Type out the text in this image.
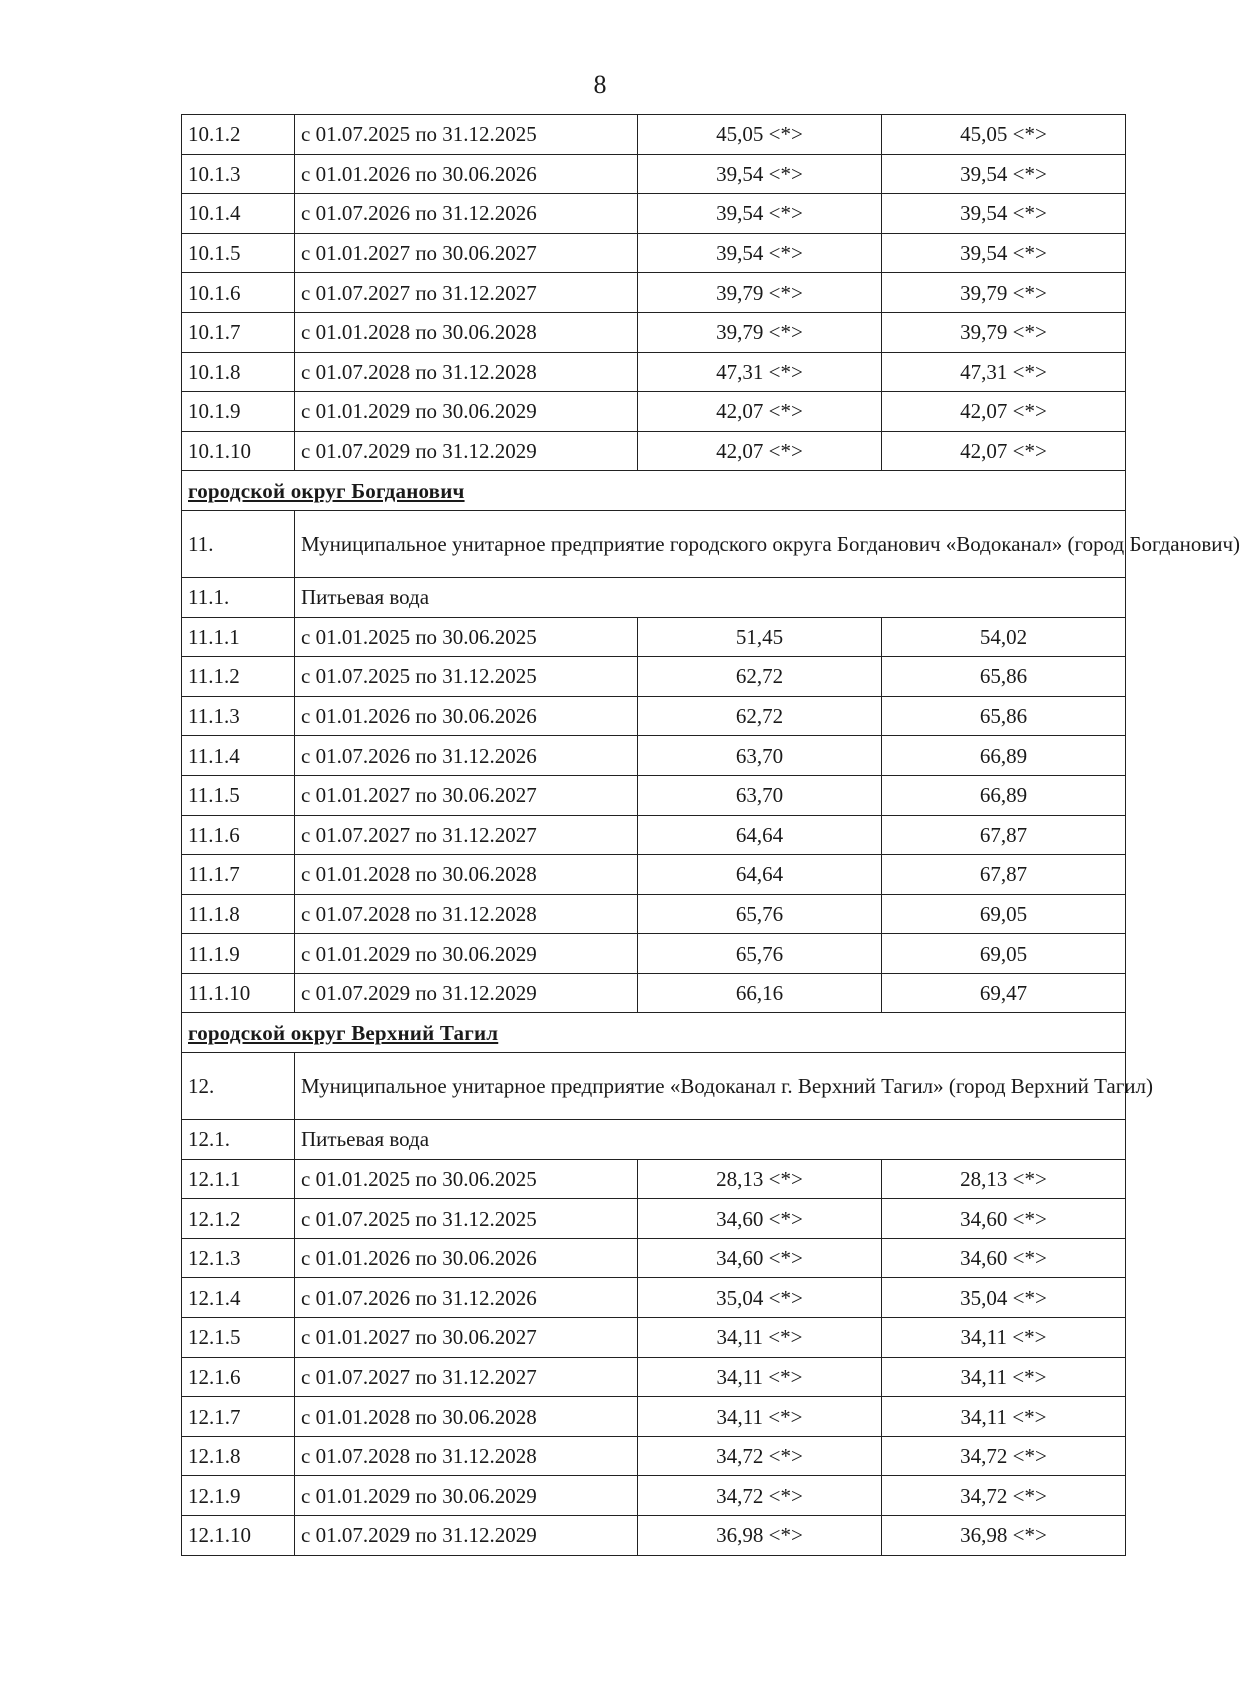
8
10.1.2	с 01.07.2025 по 31.12.2025	45,05 <*>	45,05 <*>
10.1.3	с 01.01.2026 по 30.06.2026	39,54 <*>	39,54 <*>
10.1.4	с 01.07.2026 по 31.12.2026	39,54 <*>	39,54 <*>
10.1.5	с 01.01.2027 по 30.06.2027	39,54 <*>	39,54 <*>
10.1.6	с 01.07.2027 по 31.12.2027	39,79 <*>	39,79 <*>
10.1.7	с 01.01.2028 по 30.06.2028	39,79 <*>	39,79 <*>
10.1.8	с 01.07.2028 по 31.12.2028	47,31 <*>	47,31 <*>
10.1.9	с 01.01.2029 по 30.06.2029	42,07 <*>	42,07 <*>
10.1.10	с 01.07.2029 по 31.12.2029	42,07 <*>	42,07 <*>
городской округ Богданович			
11.	Муниципальное унитарное предприятие городского округа Богданович «Водоканал» (город Богданович)		
11.1.	Питьевая вода		
11.1.1	с 01.01.2025 по 30.06.2025	51,45	54,02
11.1.2	с 01.07.2025 по 31.12.2025	62,72	65,86
11.1.3	с 01.01.2026 по 30.06.2026	62,72	65,86
11.1.4	с 01.07.2026 по 31.12.2026	63,70	66,89
11.1.5	с 01.01.2027 по 30.06.2027	63,70	66,89
11.1.6	с 01.07.2027 по 31.12.2027	64,64	67,87
11.1.7	с 01.01.2028 по 30.06.2028	64,64	67,87
11.1.8	с 01.07.2028 по 31.12.2028	65,76	69,05
11.1.9	с 01.01.2029 по 30.06.2029	65,76	69,05
11.1.10	с 01.07.2029 по 31.12.2029	66,16	69,47
городской округ Верхний Тагил			
12.	Муниципальное унитарное предприятие «Водоканал г. Верхний Тагил» (город Верхний Тагил)		
12.1.	Питьевая вода		
12.1.1	с 01.01.2025 по 30.06.2025	28,13 <*>	28,13 <*>
12.1.2	с 01.07.2025 по 31.12.2025	34,60 <*>	34,60 <*>
12.1.3	с 01.01.2026 по 30.06.2026	34,60 <*>	34,60 <*>
12.1.4	с 01.07.2026 по 31.12.2026	35,04 <*>	35,04 <*>
12.1.5	с 01.01.2027 по 30.06.2027	34,11 <*>	34,11 <*>
12.1.6	с 01.07.2027 по 31.12.2027	34,11 <*>	34,11 <*>
12.1.7	с 01.01.2028 по 30.06.2028	34,11 <*>	34,11 <*>
12.1.8	с 01.07.2028 по 31.12.2028	34,72 <*>	34,72 <*>
12.1.9	с 01.01.2029 по 30.06.2029	34,72 <*>	34,72 <*>
12.1.10	с 01.07.2029 по 31.12.2029	36,98 <*>	36,98 <*>
